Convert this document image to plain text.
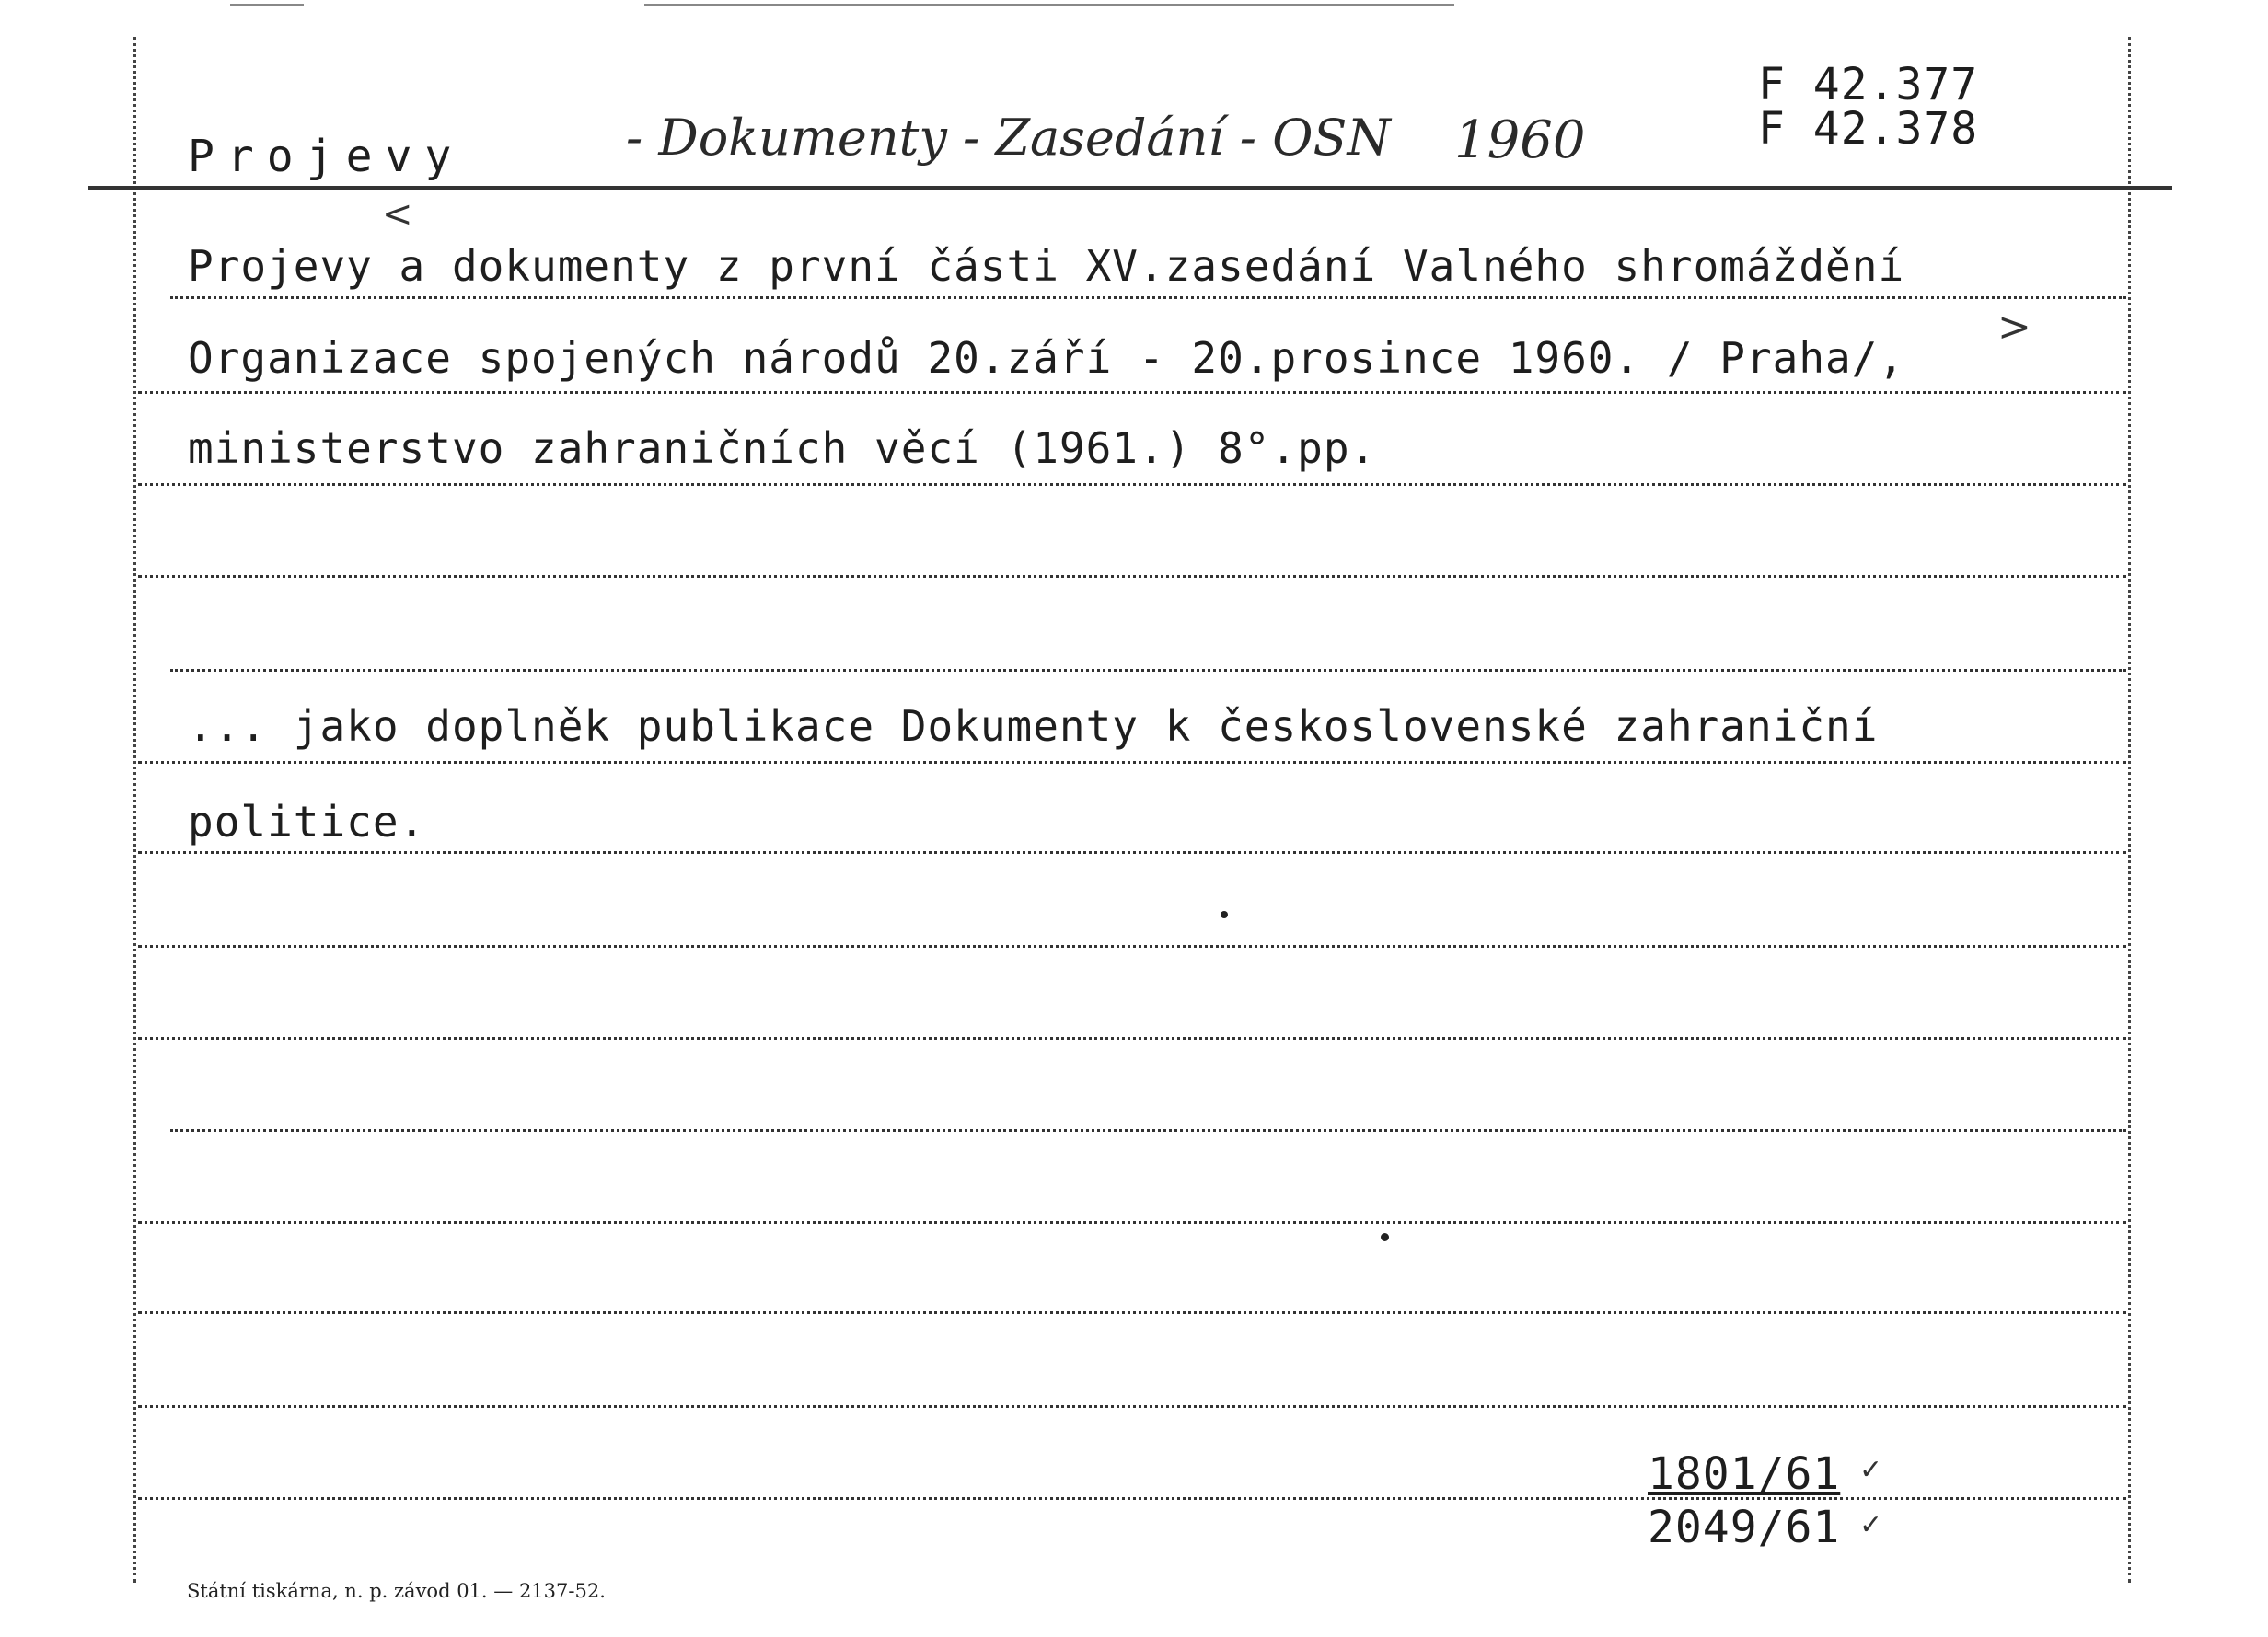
Projevy	- Dokumenty - Zasedání - OSN 1960
F 42.377
F 42.378
<
>
Projevy a dokumenty z první části XV.zasedání Valného shromáždění
Organizace spojených národů 20.září - 20.prosince 1960. / Praha/,
ministerstvo zahraničních věcí (1961.) 8°.pp.
... jako doplněk publikace Dokumenty k československé zahraniční
politice.
1801/61
2049/61
✓
✓
Státní tiskárna, n. p. závod 01. — 2137-52.
